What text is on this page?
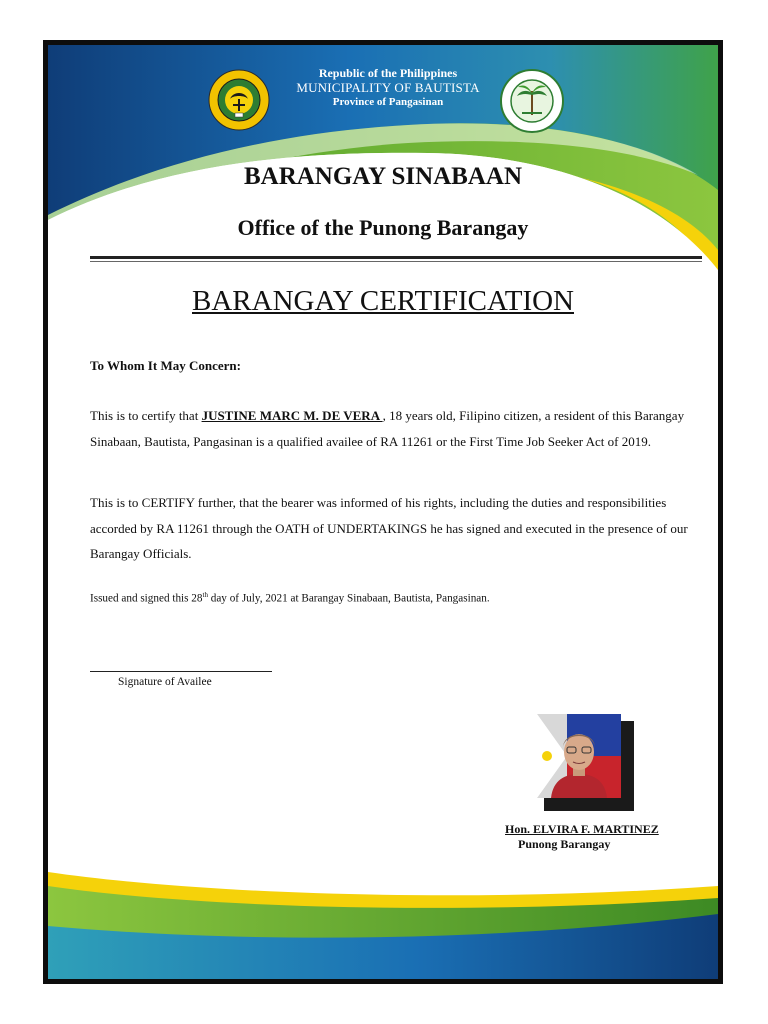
Republic of the Philippines
MUNICIPALITY OF BAUTISTA
Province of Pangasinan
BARANGAY SINABAAN
Office of the Punong Barangay
BARANGAY CERTIFICATION
To Whom It May Concern:
This is to certify that JUSTINE MARC M. DE VERA , 18 years old, Filipino citizen, a resident of this Barangay Sinabaan, Bautista, Pangasinan is a qualified availee of RA 11261 or the First Time Job Seeker Act of 2019.
This is to CERTIFY further, that the bearer was informed of his rights, including the duties and responsibilities accorded by RA 11261 through the OATH of UNDERTAKINGS he has signed and executed in the presence of our Barangay Officials.
Issued and signed this 28th day of July, 2021 at Barangay Sinabaan, Bautista, Pangasinan.
Signature of Availee
Hon. ELVIRA F. MARTINEZ
Punong Barangay
